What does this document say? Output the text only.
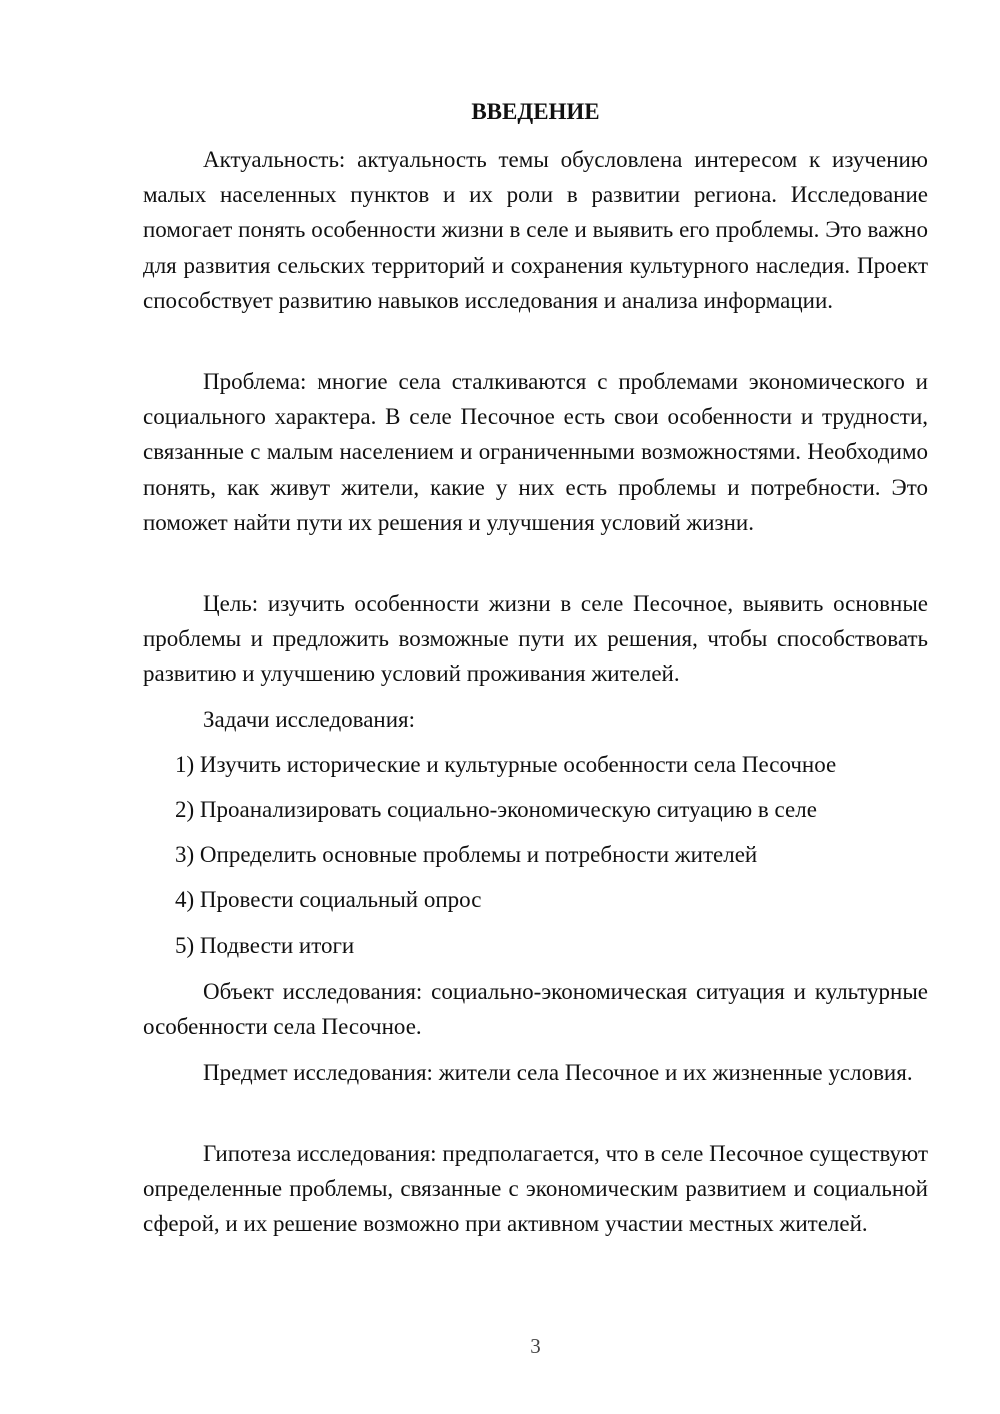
ВВЕДЕНИЕ

Актуальность: актуальность темы обусловлена интересом к изучению малых населенных пунктов и их роли в развитии региона. Исследование помогает понять особенности жизни в селе и выявить его проблемы. Это важно для развития сельских территорий и сохранения культурного наследия. Проект способствует развитию навыков исследования и анализа информации.

Проблема: многие села сталкиваются с проблемами экономического и социального характера. В селе Песочное есть свои особенности и трудности, связанные с малым населением и ограниченными возможностями. Необходимо понять, как живут жители, какие у них есть проблемы и потребности. Это поможет найти пути их решения и улучшения условий жизни.

Цель: изучить особенности жизни в селе Песочное, выявить основные проблемы и предложить возможные пути их решения, чтобы способствовать развитию и улучшению условий проживания жителей.

Задачи исследования:

1) Изучить исторические и культурные особенности села Песочное

2) Проанализировать социально-экономическую ситуацию в селе

3) Определить основные проблемы и потребности жителей

4) Провести социальный опрос

5) Подвести итоги

Объект исследования: социально-экономическая ситуация и культурные особенности села Песочное.

Предмет исследования: жители села Песочное и их жизненные условия.

Гипотеза исследования: предполагается, что в селе Песочное существуют определенные проблемы, связанные с экономическим развитием и социальной сферой, и их решение возможно при активном участии местных жителей.

3
